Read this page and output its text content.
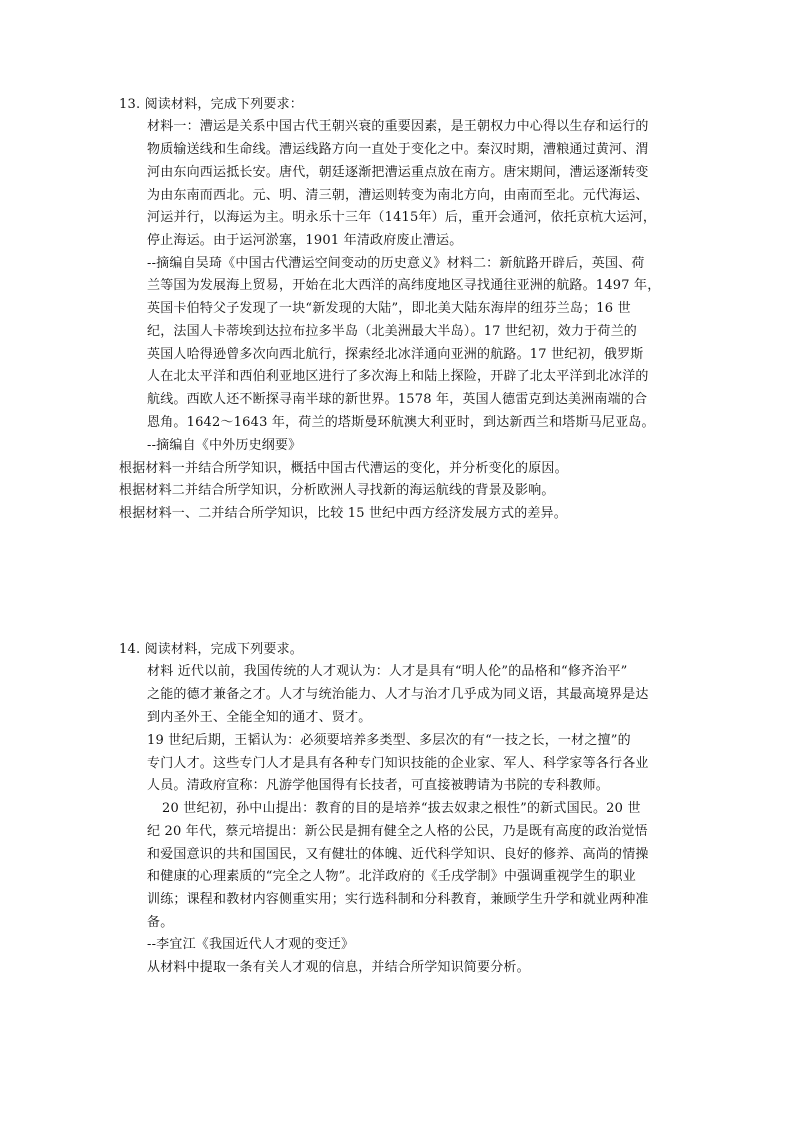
13. 阅读材料，完成下列要求：
材料一：漕运是关系中国古代王朝兴衰的重要因素，是王朝权力中心得以生存和运行的
物质输送线和生命线。漕运线路方向一直处于变化之中。秦汉时期，漕粮通过黄河、渭
河由东向西运抵长安。唐代，朝廷逐渐把漕运重点放在南方。唐宋期间，漕运逐渐转变
为由东南而西北。元、明、清三朝，漕运则转变为南北方向，由南而至北。元代海运、
河运并行，以海运为主。明永乐十三年（1415年）后，重开会通河，依托京杭大运河，
停止海运。由于运河淤塞，1901 年清政府废止漕运。
--摘编自吴琦《中国古代漕运空间变动的历史意义》材料二：新航路开辟后，英国、荷
兰等国为发展海上贸易，开始在北大西洋的高纬度地区寻找通往亚洲的航路。1497 年，
英国卡伯特父子发现了一块“新发现的大陆”，即北美大陆东海岸的纽芬兰岛；16 世
纪，法国人卡蒂埃到达拉布拉多半岛（北美洲最大半岛）。17 世纪初，效力于荷兰的
英国人哈得逊曾多次向西北航行，探索经北冰洋通向亚洲的航路。17 世纪初，俄罗斯
人在北太平洋和西伯利亚地区进行了多次海上和陆上探险，开辟了北太平洋到北冰洋的
航线。西欧人还不断探寻南半球的新世界。1578 年，英国人德雷克到达美洲南端的合
恩角。1642～1643 年，荷兰的塔斯曼环航澳大利亚时，到达新西兰和塔斯马尼亚岛。
--摘编自《中外历史纲要》
根据材料一并结合所学知识，概括中国古代漕运的变化，并分析变化的原因。
根据材料二并结合所学知识，分析欧洲人寻找新的海运航线的背景及影响。
根据材料一、二并结合所学知识，比较 15 世纪中西方经济发展方式的差异。
14. 阅读材料，完成下列要求。
材料 近代以前，我国传统的人才观认为：人才是具有“明人伦”的品格和“修齐治平”
之能的德才兼备之才。人才与统治能力、人才与治才几乎成为同义语，其最高境界是达
到内圣外王、全能全知的通才、贤才。
19 世纪后期，王韬认为：必须要培养多类型、多层次的有“一技之长，一材之擅”的
专门人才。这些专门人才是具有各种专门知识技能的企业家、军人、科学家等各行各业
人员。清政府宣称：凡游学他国得有长技者，可直接被聘请为书院的专科教师。
20 世纪初，孙中山提出：教育的目的是培养“拔去奴隶之根性”的新式国民。20 世
纪 20 年代，蔡元培提出：新公民是拥有健全之人格的公民，乃是既有高度的政治觉悟
和爱国意识的共和国国民，又有健壮的体魄、近代科学知识、良好的修养、高尚的情操
和健康的心理素质的“完全之人物”。北洋政府的《壬戌学制》中强调重视学生的职业
训练；课程和教材内容侧重实用；实行选科制和分科教育，兼顾学生升学和就业两种准
备。
--李宜江《我国近代人才观的变迁》
从材料中提取一条有关人才观的信息，并结合所学知识简要分析。
